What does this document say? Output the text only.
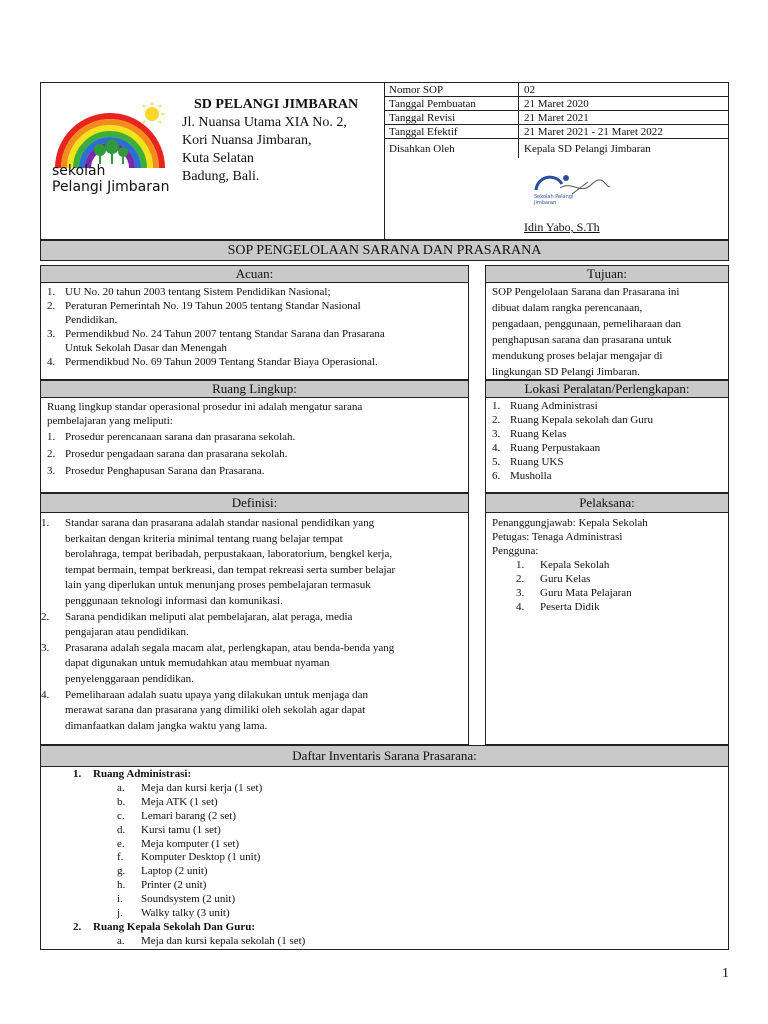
sekolah
Pelangi Jimbaran
SD PELANGI JIMBARAN
Jl. Nuansa Utama XIA No. 2,
Kori Nuansa Jimbaran,
Kuta Selatan
Badung, Bali.
Nomor SOP	02
Tanggal Pembuatan	21 Maret 2020
Tanggal Revisi	21 Maret 2021
Tanggal Efektif	21 Maret 2021 - 21 Maret 2022
Disahkan Oleh	Kepala SD Pelangi Jimbaran
Sekolah Pelangi Jimbaran
Idin Yabo, S.Th
SOP PENGELOLAAN SARANA DAN PRASARANA
Acuan:
1. UU No. 20 tahun 2003 tentang Sistem Pendidikan Nasional;
2. Peraturan Pemerintah No. 19 Tahun 2005 tentang Standar Nasional
Pendidikan.
3. Permendikbud No. 24 Tahun 2007 tentang Standar Sarana dan Prasarana
Untuk Sekolah Dasar dan Menengah
4. Permendikbud No. 69 Tahun 2009 Tentang Standar Biaya Operasional.
Tujuan:
SOP Pengelolaan Sarana dan Prasarana ini
dibuat dalam rangka perencanaan,
pengadaan, penggunaan, pemeliharaan dan
penghapusan sarana dan prasarana untuk
mendukung proses belajar mengajar di
lingkungan SD Pelangi Jimbaran.
Ruang Lingkup:
Ruang lingkup standar operasional prosedur ini adalah mengatur sarana
pembelajaran yang meliputi:
1. Prosedur perencanaan sarana dan prasarana sekolah.
2. Prosedur pengadaan sarana dan prasarana sekolah.
3. Prosedur Penghapusan Sarana dan Prasarana.
Lokasi Peralatan/Perlengkapan:
1. Ruang Administrasi
2. Ruang Kepala sekolah dan Guru
3. Ruang Kelas
4. Ruang Perpustakaan
5. Ruang UKS
6. Musholla
Definisi:
1. Standar sarana dan prasarana adalah standar nasional pendidikan yang
berkaitan dengan kriteria minimal tentang ruang belajar tempat
berolahraga, tempat beribadah, perpustakaan, laboratorium, bengkel kerja,
tempat bermain, tempat berkreasi, dan tempat rekreasi serta sumber belajar
lain yang diperlukan untuk menunjang proses pembelajaran termasuk
penggunaan teknologi informasi dan komunikasi.
2. Sarana pendidikan meliputi alat pembelajaran, alat peraga, media
pengajaran atau pendidikan.
3. Prasarana adalah segala macam alat, perlengkapan, atau benda-benda yang
dapat digunakan untuk memudahkan atau membuat nyaman
penyelenggaraan pendidikan.
4. Pemeliharaan adalah suatu upaya yang dilakukan untuk menjaga dan
merawat sarana dan prasarana yang dimiliki oleh sekolah agar dapat
dimanfaatkan dalam jangka waktu yang lama.
Pelaksana:
Penanggungjawab: Kepala Sekolah
Petugas: Tenaga Administrasi
Pengguna:
1. Kepala Sekolah
2. Guru Kelas
3. Guru Mata Pelajaran
4. Peserta Didik
Daftar Inventaris Sarana Prasarana:
1. Ruang Administrasi:
a. Meja dan kursi kerja (1 set)
b. Meja ATK (1 set)
c. Lemari barang (2 set)
d. Kursi tamu (1 set)
e. Meja komputer (1 set)
f. Komputer Desktop (1 unit)
g. Laptop (2 unit)
h. Printer (2 unit)
i. Soundsystem (2 unit)
j. Walky talky (3 unit)
2. Ruang Kepala Sekolah Dan Guru:
a. Meja dan kursi kepala sekolah (1 set)
1
